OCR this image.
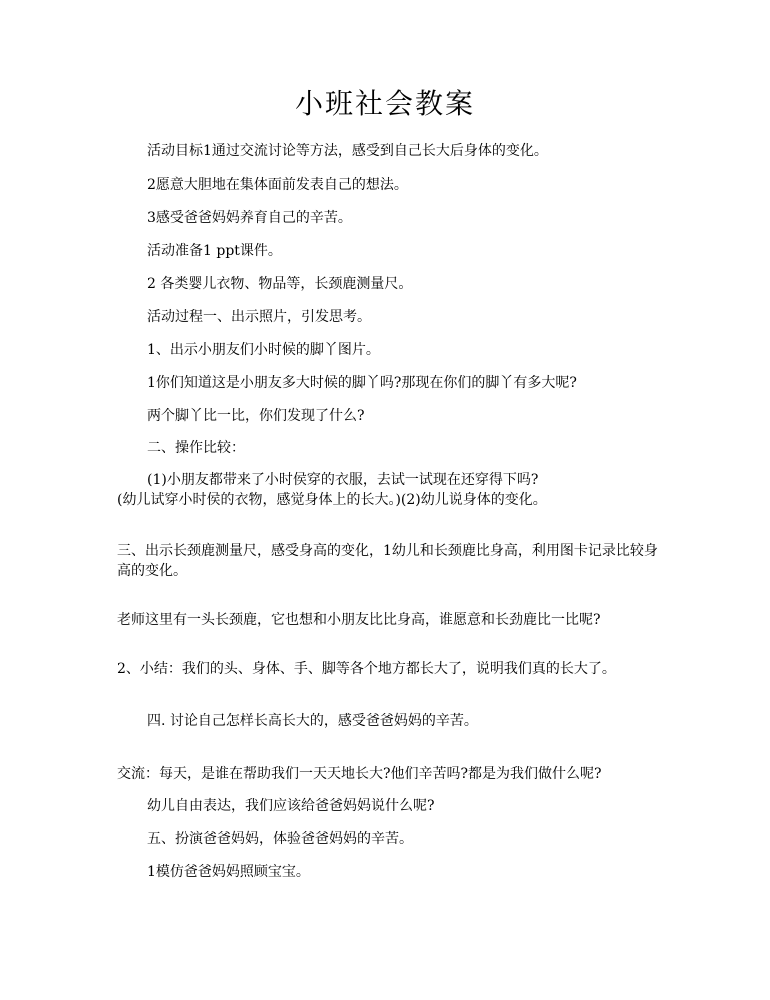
小班社会教案
活动目标1通过交流讨论等方法，感受到自己长大后身体的变化。
2愿意大胆地在集体面前发表自己的想法。
3感受爸爸妈妈养育自己的辛苦。
活动准备1 ppt课件。
2 各类婴儿衣物、物品等，长颈鹿测量尺。
活动过程一、出示照片，引发思考。
1、出示小朋友们小时候的脚丫图片。
1你们知道这是小朋友多大时候的脚丫吗?那现在你们的脚丫有多大呢?
两个脚丫比一比，你们发现了什么?
二、操作比较：
(1)小朋友都带来了小时侯穿的衣服，去试一试现在还穿得下吗?
(幼儿试穿小时侯的衣物，感觉身体上的长大。)(2)幼儿说身体的变化。
三、出示长颈鹿测量尺，感受身高的变化，1幼儿和长颈鹿比身高，利用图卡记录比较身高的变化。
老师这里有一头长颈鹿，它也想和小朋友比比身高，谁愿意和长劲鹿比一比呢?
2、小结：我们的头、身体、手、脚等各个地方都长大了，说明我们真的长大了。
四. 讨论自己怎样长高长大的，感受爸爸妈妈的辛苦。
交流：每天，是谁在帮助我们一天天地长大?他们辛苦吗?都是为我们做什么呢?
幼儿自由表达，我们应该给爸爸妈妈说什么呢?
五、扮演爸爸妈妈，体验爸爸妈妈的辛苦。
1模仿爸爸妈妈照顾宝宝。
